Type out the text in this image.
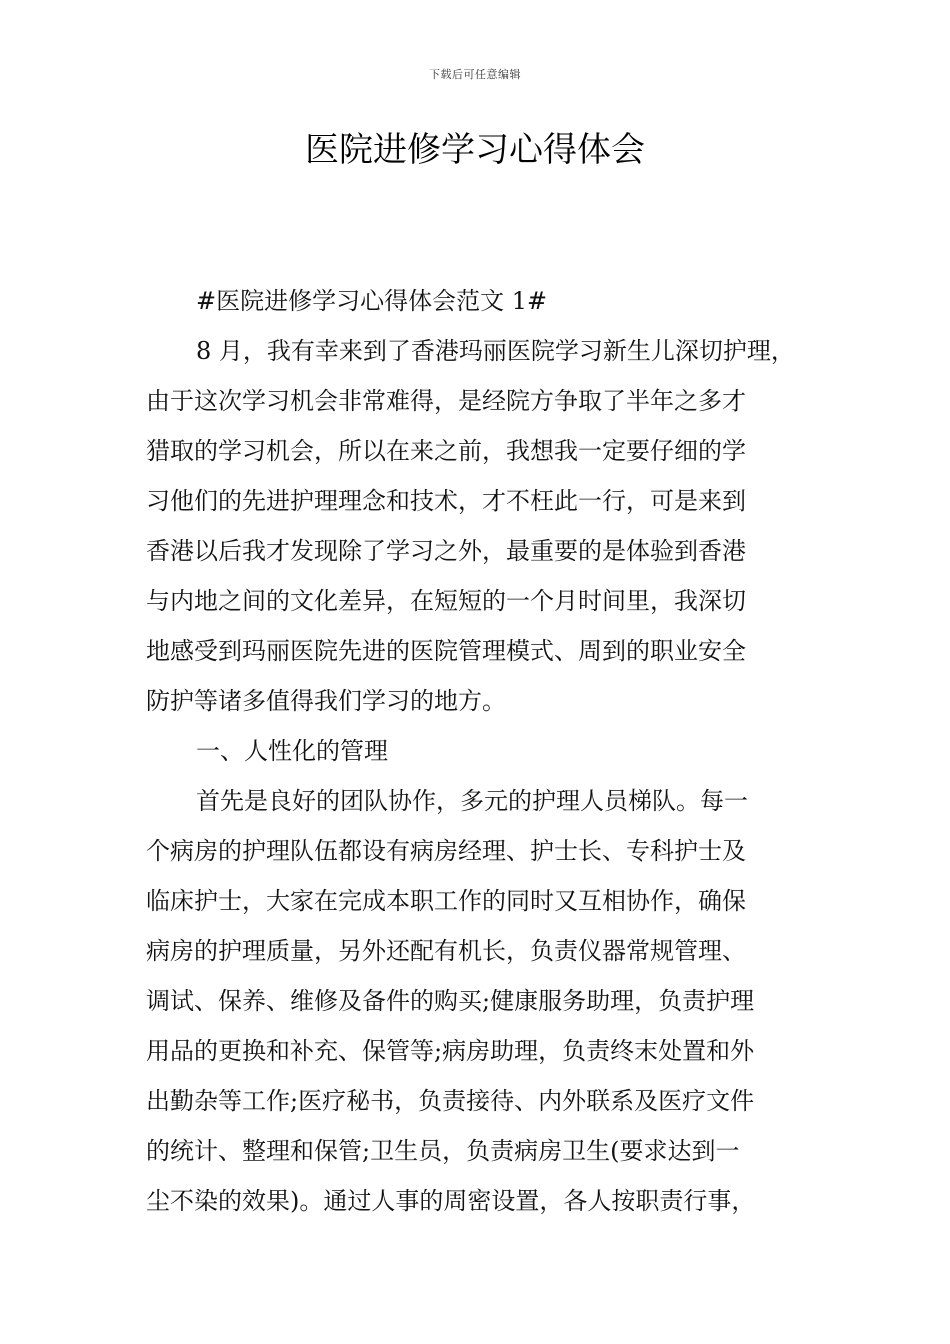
下载后可任意编辑
医院进修学习心得体会
#医院进修学习心得体会范文 1#
8 月，我有幸来到了香港玛丽医院学习新生儿深切护理，
由于这次学习机会非常难得，是经院方争取了半年之多才
猎取的学习机会，所以在来之前，我想我一定要仔细的学
习他们的先进护理理念和技术，才不枉此一行，可是来到
香港以后我才发现除了学习之外，最重要的是体验到香港
与内地之间的文化差异，在短短的一个月时间里，我深切
地感受到玛丽医院先进的医院管理模式、周到的职业安全
防护等诸多值得我们学习的地方。
一、人性化的管理
首先是良好的团队协作，多元的护理人员梯队。每一
个病房的护理队伍都设有病房经理、护士长、专科护士及
临床护士，大家在完成本职工作的同时又互相协作，确保
病房的护理质量，另外还配有机长，负责仪器常规管理、
调试、保养、维修及备件的购买;健康服务助理，负责护理
用品的更换和补充、保管等;病房助理，负责终末处置和外
出勤杂等工作;医疗秘书，负责接待、内外联系及医疗文件
的统计、整理和保管;卫生员，负责病房卫生(要求达到一
尘不染的效果)。通过人事的周密设置，各人按职责行事，
